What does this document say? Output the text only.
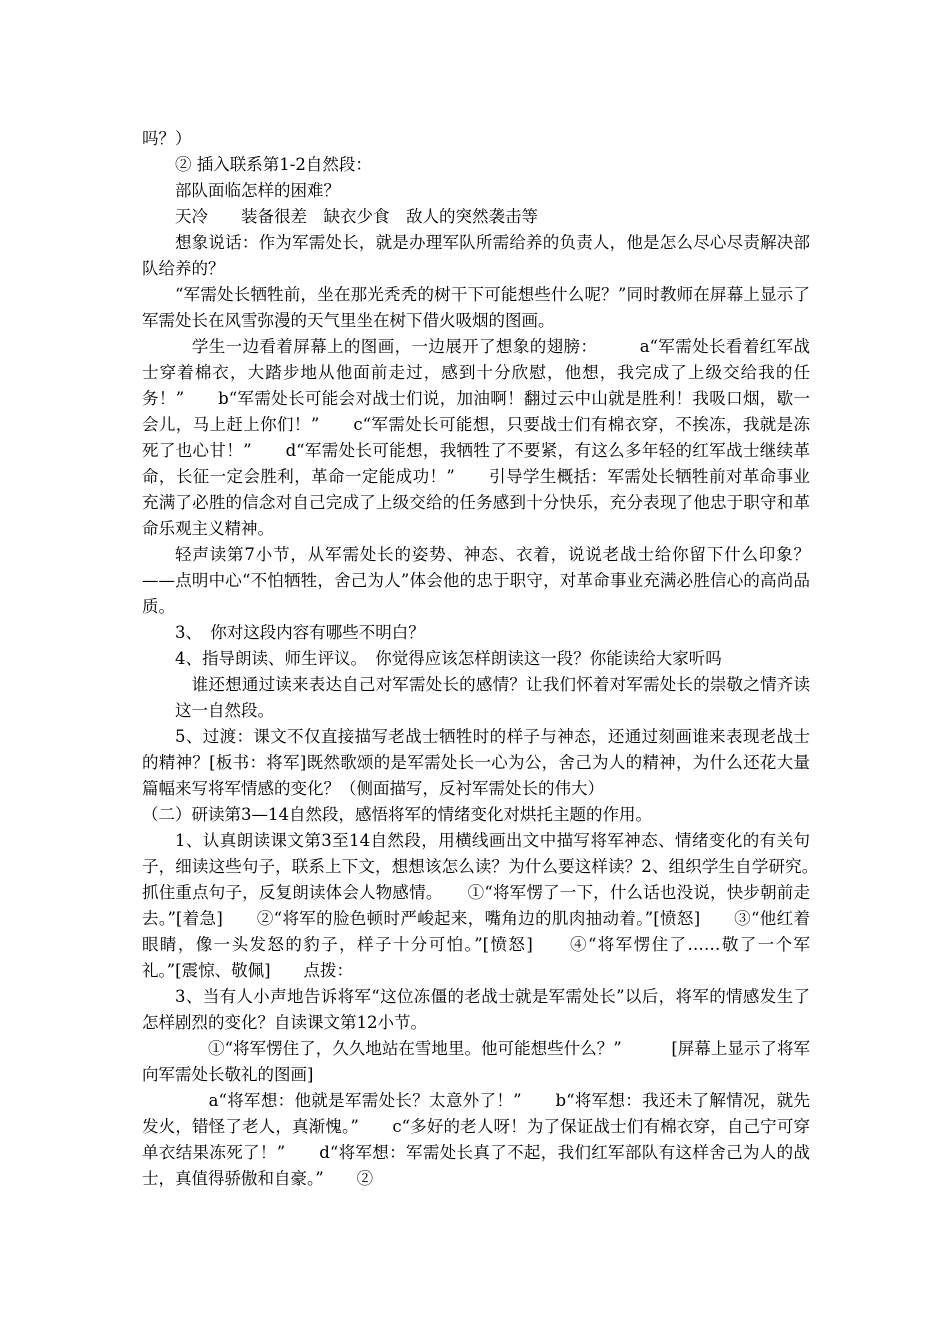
吗？）

② 插入联系第1-2自然段：

部队面临怎样的困难？

天冷　　装备很差　缺衣少食　敌人的突然袭击等

想象说话：作为军需处长，就是办理军队所需给养的负责人，他是怎么尽心尽责解决部队给养的？

“军需处长牺牲前，坐在那光秃秃的树干下可能想些什么呢？”同时教师在屏幕上显示了军需处长在风雪弥漫的天气里坐在树下借火吸烟的图画。

　学生一边看着屏幕上的图画，一边展开了想象的翅膀：　　　a“军需处长看着红军战士穿着棉衣，大踏步地从他面前走过，感到十分欣慰，他想，我完成了上级交给我的任务！”　　b“军需处长可能会对战士们说，加油啊！翻过云中山就是胜利！我吸口烟，歇一会儿，马上赶上你们！”　　c“军需处长可能想，只要战士们有棉衣穿，不挨冻，我就是冻死了也心甘！”　　d“军需处长可能想，我牺牲了不要紧，有这么多年轻的红军战士继续革命，长征一定会胜利，革命一定能成功！”　　引导学生概括：军需处长牺牲前对革命事业充满了必胜的信念对自己完成了上级交给的任务感到十分快乐，充分表现了他忠于职守和革命乐观主义精神。

轻声读第7小节，从军需处长的姿势、神态、衣着，说说老战士给你留下什么印象？——点明中心“不怕牺牲，舍己为人”体会他的忠于职守，对革命事业充满必胜信心的高尚品质。

3、　你对这段内容有哪些不明白？

4、指导朗读、师生评议。　你觉得应该怎样朗读这一段？你能读给大家听吗

　谁还想通过读来表达自己对军需处长的感情？让我们怀着对军需处长的崇敬之情齐读这一自然段。

5、过渡：课文不仅直接描写老战士牺牲时的样子与神态，还通过刻画谁来表现老战士的精神？[板书：将军]既然歌颂的是军需处长一心为公，舍己为人的精神，为什么还花大量篇幅来写将军情感的变化？（侧面描写，反衬军需处长的伟大）

（二）研读第3—14自然段，感悟将军的情绪变化对烘托主题的作用。

1、认真朗读课文第3至14自然段，用横线画出文中描写将军神态、情绪变化的有关句子，细读这些句子，联系上下文，想想该怎么读？为什么要这样读？2、组织学生自学研究。　　　抓住重点句子，反复朗读体会人物感情。　　①“将军愣了一下，什么话也没说，快步朝前走去。”[着急]　　②“将军的脸色顿时严峻起来，嘴角边的肌肉抽动着。”[愤怒]　　③“他红着眼睛，像一头发怒的豹子，样子十分可怕。”[愤怒]　　④“将军愣住了……敬了一个军礼。”[震惊、敬佩]　　点拨：

3、当有人小声地告诉将军“这位冻僵的老战士就是军需处长”以后，将军的情感发生了怎样剧烈的变化？自读课文第12小节。

　　①“将军愣住了，久久地站在雪地里。他可能想些什么？”　　　[屏幕上显示了将军向军需处长敬礼的图画]

　　a“将军想：他就是军需处长？太意外了！”　　b“将军想：我还未了解情况，就先发火，错怪了老人，真渐愧。”　　c“多好的老人呀！为了保证战士们有棉衣穿，自己宁可穿单衣结果冻死了！”　　d“将军想：军需处长真了不起，我们红军部队有这样舍己为人的战士，真值得骄傲和自豪。”　　②
